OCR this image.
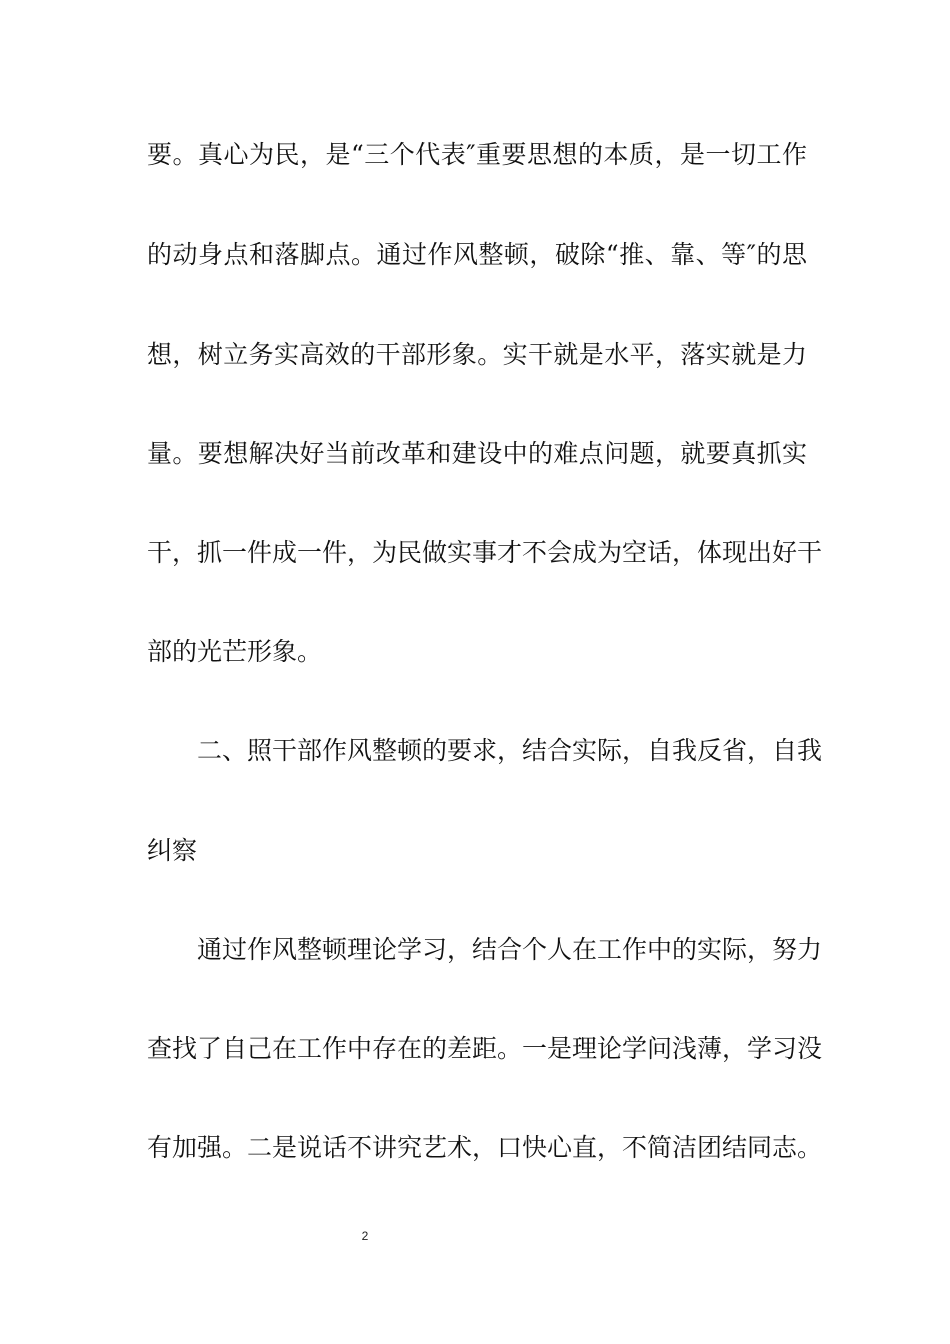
要。真心为民，是“三个代表″重要思想的本质，是一切工作
的动身点和落脚点。通过作风整顿，破除“推、靠、等″的思
想，树立务实高效的干部形象。实干就是水平，落实就是力
量。要想解决好当前改革和建设中的难点问题，就要真抓实
干，抓一件成一件，为民做实事才不会成为空话，体现出好干
部的光芒形象。
二、照干部作风整顿的要求，结合实际，自我反省，自我
纠察
通过作风整顿理论学习，结合个人在工作中的实际，努力
查找了自己在工作中存在的差距。一是理论学问浅薄，学习没
有加强。二是说话不讲究艺术，口快心直，不简洁团结同志。
2
